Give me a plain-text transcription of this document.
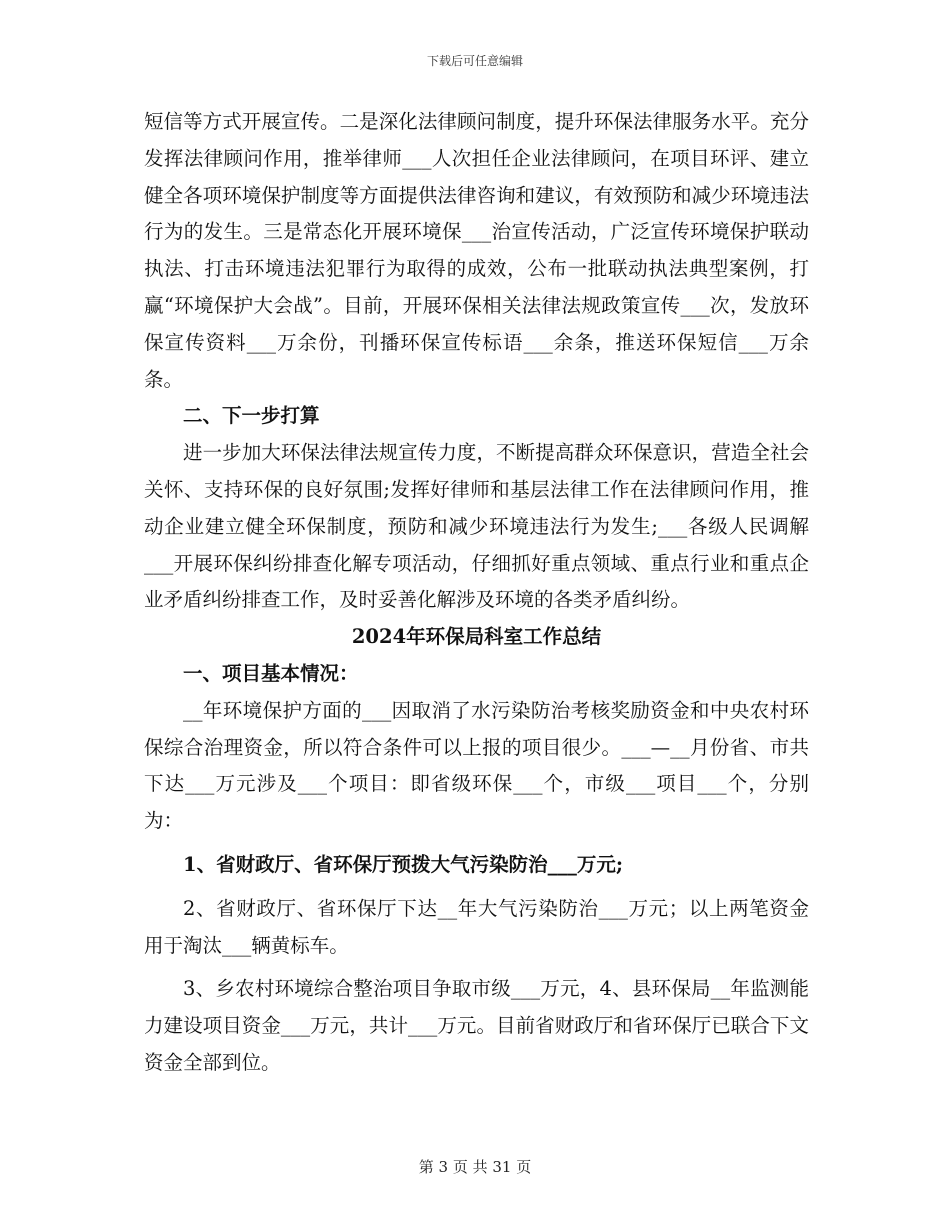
下载后可任意编辑

短信等方式开展宣传。二是深化法律顾问制度，提升环保法律服务水平。充分发挥法律顾问作用，推举律师___人次担任企业法律顾问，在项目环评、建立健全各项环境保护制度等方面提供法律咨询和建议，有效预防和减少环境违法行为的发生。三是常态化开展环境保___治宣传活动，广泛宣传环境保护联动执法、打击环境违法犯罪行为取得的成效，公布一批联动执法典型案例，打赢“环境保护大会战”。目前，开展环保相关法律法规政策宣传___次，发放环保宣传资料___万余份，刊播环保宣传标语___余条，推送环保短信___万余条。

二、下一步打算

进一步加大环保法律法规宣传力度，不断提高群众环保意识，营造全社会关怀、支持环保的良好氛围;发挥好律师和基层法律工作在法律顾问作用，推动企业建立健全环保制度，预防和减少环境违法行为发生;___各级人民调解___开展环保纠纷排查化解专项活动，仔细抓好重点领域、重点行业和重点企业矛盾纠纷排查工作，及时妥善化解涉及环境的各类矛盾纠纷。

2024年环保局科室工作总结

一、项目基本情况：

__年环境保护方面的___因取消了水污染防治考核奖励资金和中央农村环保综合治理资金，所以符合条件可以上报的项目很少。___—__月份省、市共下达___万元涉及___个项目：即省级环保___个，市级___项目___个，分别为：

1、省财政厅、省环保厅预拨大气污染防治___万元;

2、省财政厅、省环保厅下达__年大气污染防治___万元；以上两笔资金用于淘汰___辆黄标车。

3、乡农村环境综合整治项目争取市级___万元，4、县环保局__年监测能力建设项目资金___万元，共计___万元。目前省财政厅和省环保厅已联合下文资金全部到位。

第 3 页 共 31 页
